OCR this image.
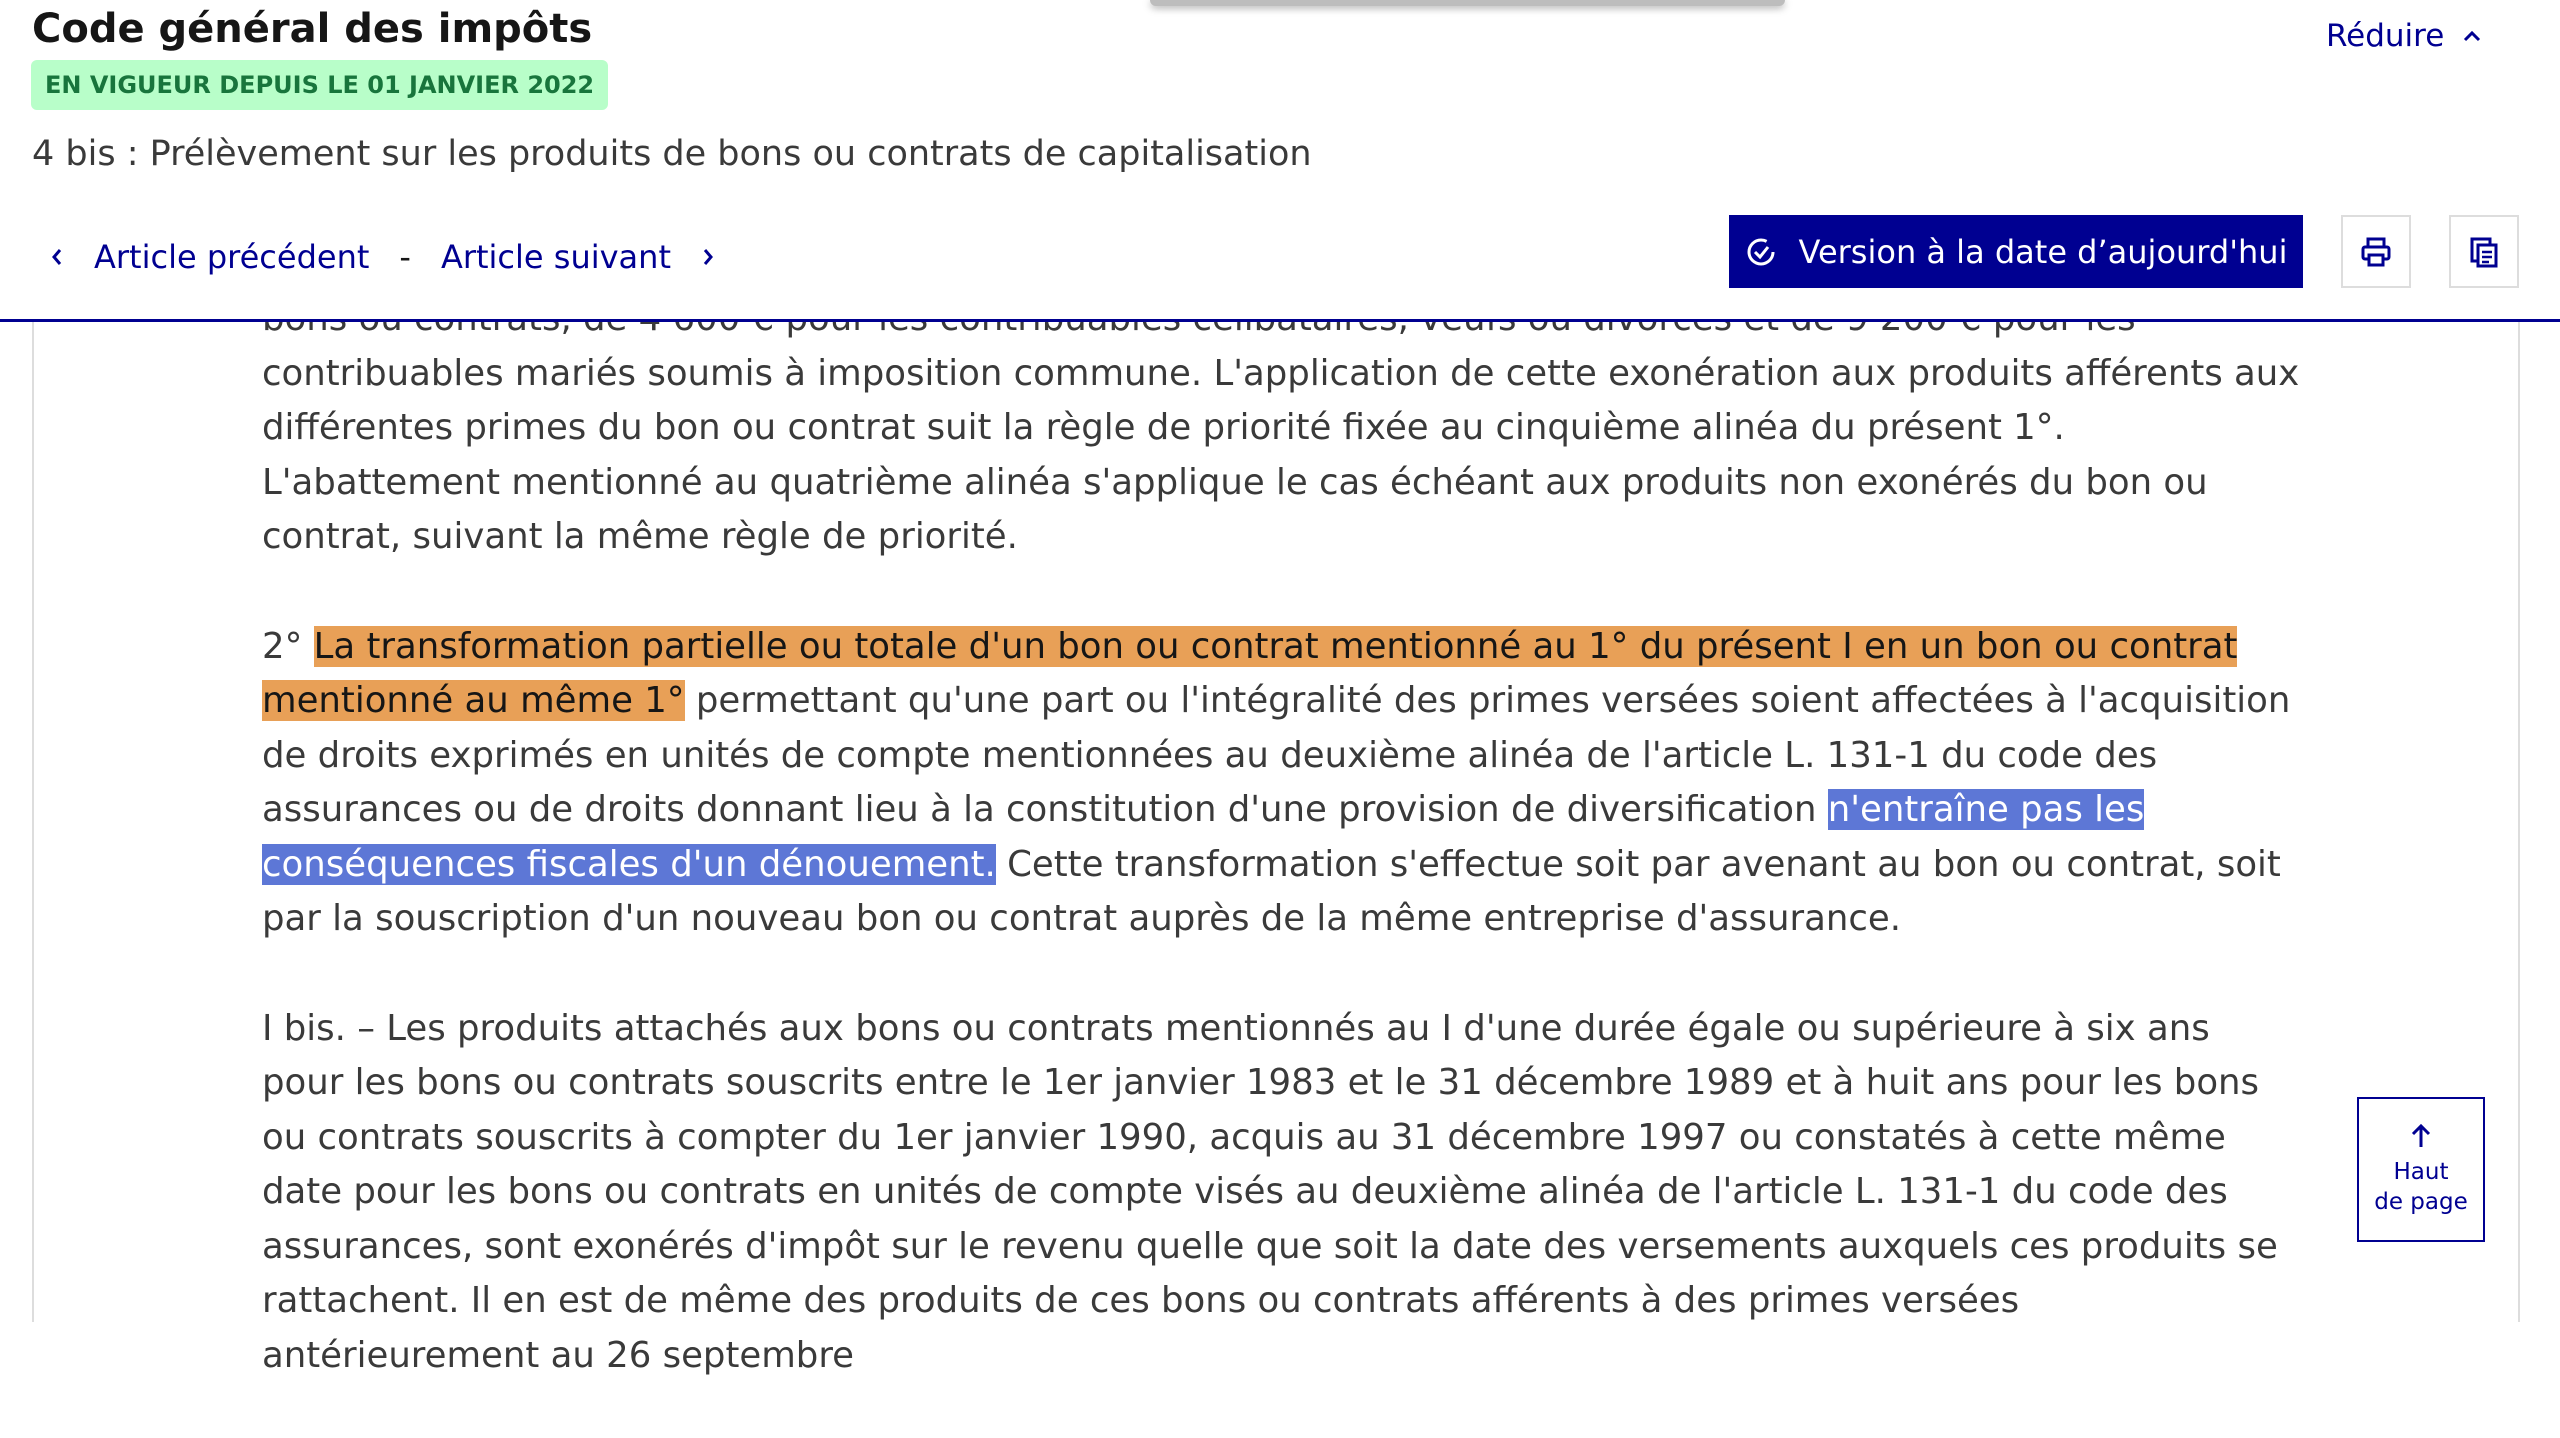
contribuables mariés soumis à imposition commune. L'application de cette exonération aux produits afférents aux différentes primes du bon ou contrat suit la règle de priorité fixée au cinquième alinéa du présent 1°. L'abattement mentionné au quatrième alinéa s'applique le cas échéant aux produits non exonérés du bon ou contrat, suivant la même règle de priorité.

2° La transformation partielle ou totale d'un bon ou contrat mentionné au 1° du présent I en un bon ou contrat mentionné au même 1° permettant qu'une part ou l'intégralité des primes versées soient affectées à l'acquisition de droits exprimés en unités de compte mentionnées au deuxième alinéa de l'article L. 131-1 du code des assurances ou de droits donnant lieu à la constitution d'une provision de diversification n'entraîne pas les conséquences fiscales d'un dénouement. Cette transformation s'effectue soit par avenant au bon ou contrat, soit par la souscription d'un nouveau bon ou contrat auprès de la même entreprise d'assurance.

I bis. – Les produits attachés aux bons ou contrats mentionnés au I d'une durée égale ou supérieure à six ans pour les bons ou contrats souscrits entre le 1er janvier 1983 et le 31 décembre 1989 et à huit ans pour les bons ou contrats souscrits à compter du 1er janvier 1990, acquis au 31 décembre 1997 ou constatés à cette même date pour les bons ou contrats en unités de compte visés au deuxième alinéa de l'article L. 131-1 du code des assurances, sont exonérés d'impôt sur le revenu quelle que soit la date des versements auxquels ces produits se rattachent. Il en est de même des produits de ces bons ou contrats afférents à des primes versées antérieurement au 26 septembre

Code général des impôts
EN VIGUEUR DEPUIS LE 01 JANVIER 2022
4 bis : Prélèvement sur les produits de bons ou contrats de capitalisation
Réduire
Article précédent - Article suivant	Version à la date d’aujourd'hui
Haut
de page
